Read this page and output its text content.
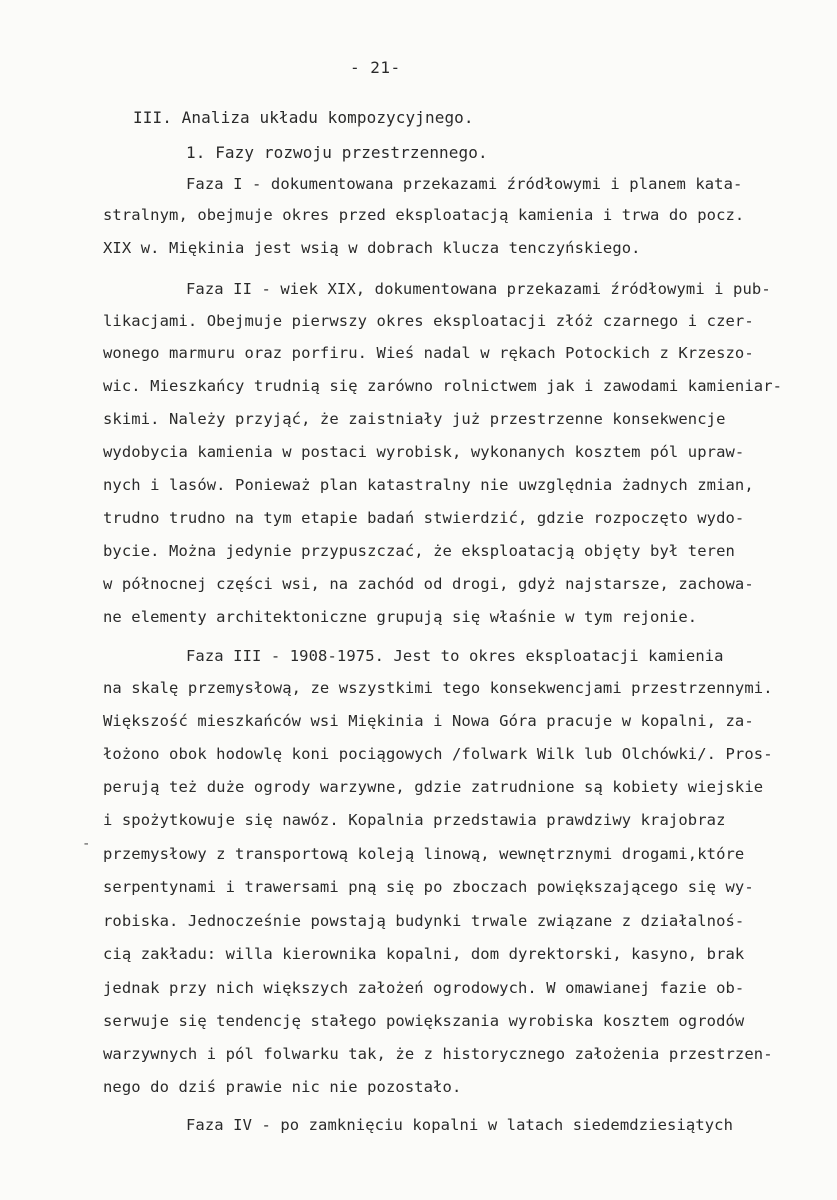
- 21-
III. Analiza układu kompozycyjnego.
1. Fazy rozwoju przestrzennego.
Faza I - dokumentowana przekazami źródłowymi i planem kata-
stralnym, obejmuje okres przed eksploatacją kamienia i trwa do pocz.
XIX w. Miękinia jest wsią w dobrach klucza tenczyńskiego.
Faza II - wiek XIX, dokumentowana przekazami źródłowymi i pub-
likacjami. Obejmuje pierwszy okres eksploatacji złóż czarnego i czer-
wonego marmuru oraz porfiru. Wieś nadal w rękach Potockich z Krzeszo-
wic. Mieszkańcy trudnią się zarówno rolnictwem jak i zawodami kamieniar-
skimi. Należy przyjąć, że zaistniały już przestrzenne konsekwencje
wydobycia kamienia w postaci wyrobisk, wykonanych kosztem pól upraw-
nych i lasów. Ponieważ plan katastralny nie uwzględnia żadnych zmian,
trudno trudno na tym etapie badań stwierdzić, gdzie rozpoczęto wydo-
bycie. Można jedynie przypuszczać, że eksploatacją objęty był teren
w północnej części wsi, na zachód od drogi, gdyż najstarsze, zachowa-
ne elementy architektoniczne grupują się właśnie w tym rejonie.
Faza III - 1908-1975. Jest to okres eksploatacji kamienia
na skalę przemysłową, ze wszystkimi tego konsekwencjami przestrzennymi.
Większość mieszkańców wsi Miękinia i Nowa Góra pracuje w kopalni, za-
łożono obok hodowlę koni pociągowych /folwark Wilk lub Olchówki/. Pros-
perują też duże ogrody warzywne, gdzie zatrudnione są kobiety wiejskie
i spożytkowuje się nawóz. Kopalnia przedstawia prawdziwy krajobraz
przemysłowy z transportową koleją linową, wewnętrznymi drogami,które
serpentynami i trawersami pną się po zboczach powiększającego się wy-
robiska. Jednocześnie powstają budynki trwale związane z działalnoś-
cią zakładu: willa kierownika kopalni, dom dyrektorski, kasyno, brak
jednak przy nich większych założeń ogrodowych. W omawianej fazie ob-
serwuje się tendencję stałego powiększania wyrobiska kosztem ogrodów
warzywnych i pól folwarku tak, że z historycznego założenia przestrzen-
nego do dziś prawie nic nie pozostało.
Faza IV - po zamknięciu kopalni w latach siedemdziesiątych
-
